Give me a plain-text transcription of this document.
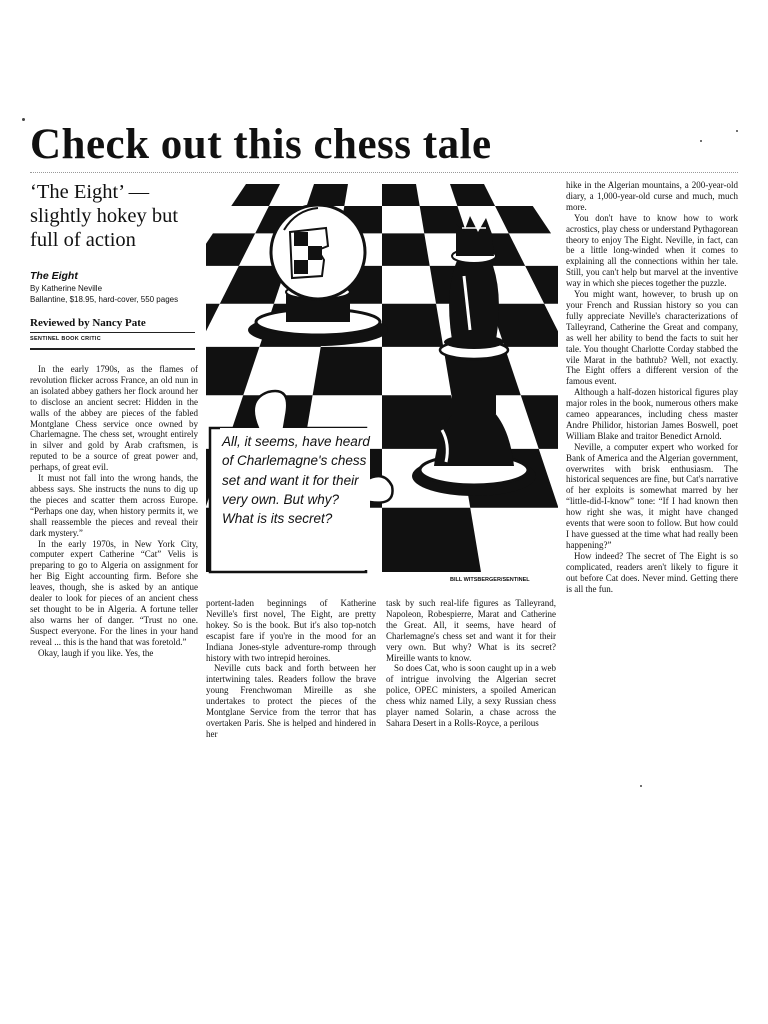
Check out this chess tale
‘The Eight’ — slightly hokey but full of action
The Eight
By Katherine Neville
Ballantine, $18.95, hard-cover, 550 pages
Reviewed by Nancy Pate
SENTINEL BOOK CRITIC

In the early 1790s, as the flames of revolution flicker across France, an old nun in an isolated abbey gathers her flock around her to disclose an ancient secret: Hidden in the walls of the abbey are pieces of the fabled Montglane Chess service once owned by Charlemagne. The chess set, wrought entirely in silver and gold by Arab craftsmen, is reputed to be a source of great power and, perhaps, of great evil.

It must not fall into the wrong hands, the abbess says. She instructs the nuns to dig up the pieces and scatter them across Europe. “Perhaps one day, when history permits it, we shall reassemble the pieces and reveal their dark mystery.”

In the early 1970s, in New York City, computer expert Catherine “Cat” Velis is preparing to go to Algeria on assignment for her Big Eight accounting firm. Before she leaves, though, she is asked by an antique dealer to look for pieces of an ancient chess set thought to be in Algeria. A fortune teller also warns her of danger. “Trust no one. Suspect everyone. For the lines in your hand reveal ... this is the hand that was foretold.”

Okay, laugh if you like. Yes, the

All, it seems, have heard of Charlemagne's chess set and want it for their very own. But why? What is its secret?
BILL WITSBERGER/SENTINEL

portent-laden beginnings of Katherine Neville's first novel, The Eight, are pretty hokey. So is the book. But it's also top-notch escapist fare if you're in the mood for an Indiana Jones-style adventure-romp through history with two intrepid heroines.

Neville cuts back and forth between her intertwining tales. Readers follow the brave young Frenchwoman Mireille as she undertakes to protect the pieces of the Montglane Service from the terror that has overtaken Paris. She is helped and hindered in her

task by such real-life figures as Talleyrand, Napoleon, Robespierre, Marat and Catherine the Great. All, it seems, have heard of Charlemagne's chess set and want it for their very own. But why? What is its secret? Mireille wants to know.

So does Cat, who is soon caught up in a web of intrigue involving the Algerian secret police, OPEC ministers, a spoiled American chess whiz named Lily, a sexy Russian chess player named Solarin, a chase across the Sahara Desert in a Rolls-Royce, a perilous

hike in the Algerian mountains, a 200-year-old diary, a 1,000-year-old curse and much, much more.

You don't have to know how to work acrostics, play chess or understand Pythagorean theory to enjoy The Eight. Neville, in fact, can be a little long-winded when it comes to explaining all the connections within her tale. Still, you can't help but marvel at the inventive way in which she pieces together the puzzle.

You might want, however, to brush up on your French and Russian history so you can fully appreciate Neville's characterizations of Talleyrand, Catherine the Great and company, as well her ability to bend the facts to suit her tale. You thought Charlotte Corday stabbed the vile Marat in the bathtub? Well, not exactly. The Eight offers a different version of the famous event.

Although a half-dozen historical figures play major roles in the book, numerous others make cameo appearances, including chess master Andre Philidor, historian James Boswell, poet William Blake and traitor Benedict Arnold.

Neville, a computer expert who worked for Bank of America and the Algerian government, overwrites with brisk enthusiasm. The historical sequences are fine, but Cat's narrative of her exploits is somewhat marred by her “little-did-I-know” tone: “If I had known then how right she was, it might have changed events that were soon to follow. But how could I have guessed at the time what had really been happening?”

How indeed? The secret of The Eight is so complicated, readers aren't likely to figure it out before Cat does. Never mind. Getting there is all the fun.
